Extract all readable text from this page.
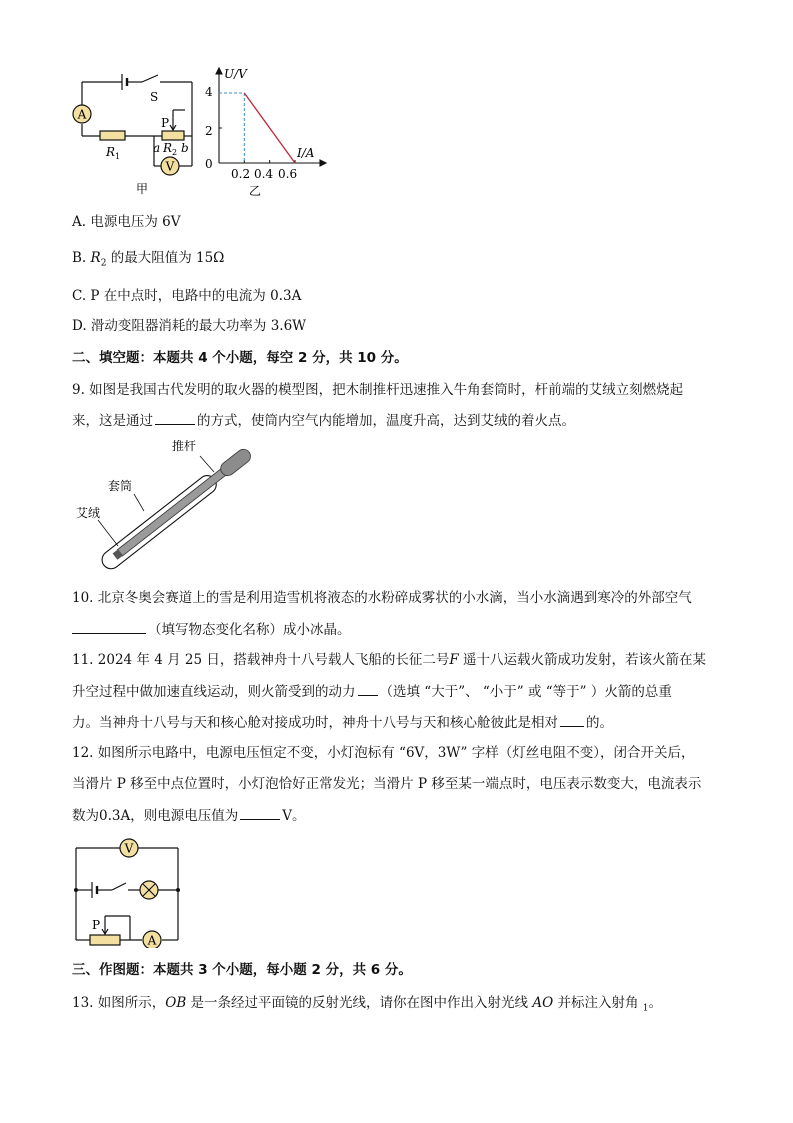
A
V
S
P
R 1
a R 2 b
甲
U/V
I/A
4
2
0
0.2 0.4 0.6
乙
A. 电源电压为 6V
B. $R_2$ 的最大阻值为 15Ω
C. P 在中点时，电路中的电流为 0.3A
D. 滑动变阻器消耗的最大功率为 3.6W
二、填空题：本题共 4 个小题，每空 2 分，共 10 分。
9. 如图是我国古代发明的取火器的模型图，把木制推杆迅速推入牛角套筒时，杆前端的艾绒立刻燃烧起
来，这是通过	的方式，使筒内空气内能增加，温度升高，达到艾绒的着火点。
推杆
套筒
艾绒
10. 北京冬奥会赛道上的雪是利用造雪机将液态的水粉碎成雾状的小水滴，当小水滴遇到寒冷的外部空气
（填写物态变化名称）成小冰晶。
11. 2024 年 4 月 25 日，搭载神舟十八号载人飞船的长征二号F 遥十八运载火箭成功发射，若该火箭在某
升空过程中做加速直线运动，则火箭受到的动力 （选填 “大于”、 “小于” 或 “等于” ）火箭的总重
力。当神舟十八号与天和核心舱对接成功时，神舟十八号与天和核心舱彼此是相对 的。
12. 如图所示电路中，电源电压恒定不变，小灯泡标有 “6V，3W” 字样（灯丝电阻不变），闭合开关后，
当滑片 P 移至中点位置时，小灯泡恰好正常发光；当滑片 P 移至某一端点时，电压表示数变大，电流表示
数为0.3A，则电源电压值为	V。
V
A
P
三、作图题：本题共 3 个小题，每小题 2 分，共 6 分。
13. 如图所示，OB 是一条经过平面镜的反射光线，请你在图中作出入射光线 AO 并标注入射角 $_1$。
